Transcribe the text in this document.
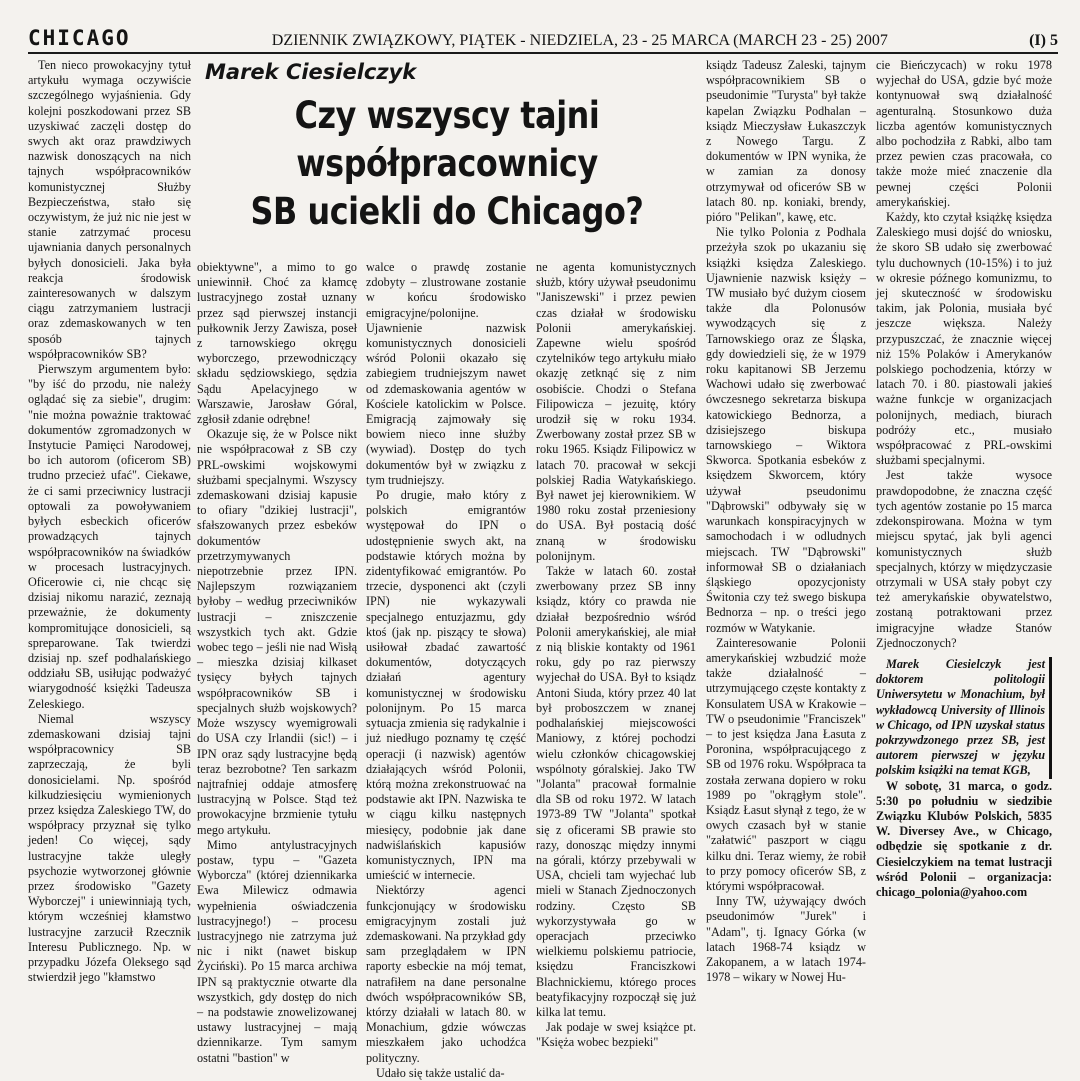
CHICAGO	DZIENNIK ZWIĄZKOWY, PIĄTEK - NIEDZIELA, 23 - 25 MARCA (MARCH 23 - 25) 2007	(I) 5

Ten nieco prowokacyjny tytuł artykułu wymaga oczywiście szczególnego wyjaśnienia. Gdy kolejni poszkodowani przez SB uzyskiwać zaczęli dostęp do swych akt oraz prawdziwych nazwisk donoszących na nich tajnych współpracowników komunistycznej Służby Bezpieczeństwa, stało się oczywistym, że już nic nie jest w stanie zatrzymać procesu ujawniania danych personalnych byłych donosicieli. Jaka była reakcja środowisk zainteresowanych w dalszym ciągu zatrzymaniem lustracji oraz zdemaskowanych w ten sposób tajnych współpracowników SB?

Pierwszym argumentem było: "by iść do przodu, nie należy oglądać się za siebie", drugim: "nie można poważnie traktować dokumentów zgromadzonych w Instytucie Pamięci Narodowej, bo ich autorom (oficerom SB) trudno przecież ufać". Ciekawe, że ci sami przeciwnicy lustracji optowali za powoływaniem byłych esbeckich oficerów prowadzących tajnych współpracowników na świadków w procesach lustracyjnych. Oficerowie ci, nie chcąc się dzisiaj nikomu narazić, zeznają przeważnie, że dokumenty kompromitujące donosicieli, są spreparowane. Tak twierdzi dzisiaj np. szef podhalańskiego oddziału SB, usiłując podważyć wiarygodność księżki Tadeusza Zeleskiego.

Niemal wszyscy zdemaskowani dzisiaj tajni współpracownicy SB zaprzeczają, że byli donosicielami. Np. spośród kilkudziesięciu wymienionych przez księdza Zaleskiego TW, do współpracy przyznał się tylko jeden! Co więcej, sądy lustracyjne także uległy psychozie wytworzonej głównie przez środowisko "Gazety Wyborczej" i uniewinniają tych, którym wcześniej kłamstwo lustracyjne zarzucił Rzecznik Interesu Publicznego. Np. w przypadku Józefa Oleksego sąd stwierdził jego "kłamstwo

Marek Ciesielczyk
Czy wszyscy tajni współpracownicy
SB uciekli do Chicago?

obiektywne", a mimo to go uniewinnił. Choć za kłamcę lustracyjnego został uznany przez sąd pierwszej instancji pułkownik Jerzy Zawisza, poseł z tarnowskiego okręgu wyborczego, przewodniczący składu sędziowskiego, sędzia Sądu Apelacyjnego w Warszawie, Jarosław Góral, zgłosił zdanie odrębne!

Okazuje się, że w Polsce nikt nie współpracował z SB czy PRL-owskimi wojskowymi służbami specjalnymi. Wszyscy zdemaskowani dzisiaj kapusie to ofiary "dzikiej lustracji", sfałszowanych przez esbeków dokumentów przetrzymywanych niepotrzebnie przez IPN. Najlepszym rozwiązaniem byłoby – według przeciwników lustracji – zniszczenie wszystkich tych akt. Gdzie wobec tego – jeśli nie nad Wisłą – mieszka dzisiaj kilkaset tysięcy byłych tajnych współpracowników SB i specjalnych służb wojskowych? Może wszyscy wyemigrowali do USA czy Irlandii (sic!) – i IPN oraz sądy lustracyjne będą teraz bezrobotne? Ten sarkazm najtrafniej oddaje atmosferę lustracyjną w Polsce. Stąd też prowokacyjne brzmienie tytułu mego artykułu.

Mimo antylustracyjnych postaw, typu – "Gazeta Wyborcza" (której dziennikarka Ewa Milewicz odmawia wypełnienia oświadczenia lustracyjnego!) – procesu lustracyjnego nie zatrzyma już nic i nikt (nawet biskup Życiński). Po 15 marca archiwa IPN są praktycznie otwarte dla wszystkich, gdy dostęp do nich – na podstawie znowelizowanej ustawy lustracyjnej – mają dziennikarze. Tym samym ostatni "bastion" w

walce o prawdę zostanie zdobyty – zlustrowane zostanie w końcu środowisko emigracyjne/polonijne. Ujawnienie nazwisk komunistycznych donosicieli wśród Polonii okazało się zabiegiem trudniejszym nawet od zdemaskowania agentów w Kościele katolickim w Polsce. Emigracją zajmowały się bowiem nieco inne służby (wywiad). Dostęp do tych dokumentów był w związku z tym trudniejszy.

Po drugie, mało który z polskich emigrantów występował do IPN o udostępnienie swych akt, na podstawie których można by zidentyfikować emigrantów. Po trzecie, dysponenci akt (czyli IPN) nie wykazywali specjalnego entuzjazmu, gdy ktoś (jak np. piszący te słowa) usiłował zbadać zawartość dokumentów, dotyczących działań agentury komunistycznej w środowisku polonijnym. Po 15 marca sytuacja zmienia się radykalnie i już niedługo poznamy tę część operacji (i nazwisk) agentów działających wśród Polonii, którą można zrekonstruować na podstawie akt IPN. Nazwiska te w ciągu kilku następnych miesięcy, podobnie jak dane nadwiślańskich kapusiów komunistycznych, IPN ma umieścić w internecie.

Niektórzy agenci funkcjonujący w środowisku emigracyjnym zostali już zdemaskowani. Na przykład gdy sam przeglądałem w IPN raporty esbeckie na mój temat, natrafiłem na dane personalne dwóch współpracowników SB, którzy działali w latach 80. w Monachium, gdzie wówczas mieszkałem jako uchodźca polityczny.

Udało się także ustalić da-

ne agenta komunistycznych służb, który używał pseudonimu "Janiszewski" i przez pewien czas działał w środowisku Polonii amerykańskiej. Zapewne wielu spośród czytelników tego artykułu miało okazję zetknąć się z nim osobiście. Chodzi o Stefana Filipowicza – jezuitę, który urodził się w roku 1934. Zwerbowany został przez SB w roku 1965. Ksiądz Filipowicz w latach 70. pracował w sekcji polskiej Radia Watykańskiego. Był nawet jej kierownikiem. W 1980 roku został przeniesiony do USA. Był postacią dość znaną w środowisku polonijnym.

Także w latach 60. został zwerbowany przez SB inny ksiądz, który co prawda nie działał bezpośrednio wśród Polonii amerykańskiej, ale miał z nią bliskie kontakty od 1961 roku, gdy po raz pierwszy wyjechał do USA. Był to ksiądz Antoni Siuda, który przez 40 lat był proboszczem w znanej podhalańskiej miejscowości Maniowy, z której pochodzi wielu członków chicagowskiej wspólnoty góralskiej. Jako TW "Jolanta" pracował formalnie dla SB od roku 1972. W latach 1973-89 TW "Jolanta" spotkał się z oficerami SB prawie sto razy, donosząc między innymi na górali, którzy przebywali w USA, chcieli tam wyjechać lub mieli w Stanach Zjednoczonych rodziny. Często SB wykorzystywała go w operacjach przeciwko wielkiemu polskiemu patriocie, księdzu Franciszkowi Blachnickiemu, którego proces beatyfikacyjny rozpoczął się już kilka lat temu.

Jak podaje w swej książce pt. "Księża wobec bezpieki"

ksiądz Tadeusz Zaleski, tajnym współpracownikiem SB o pseudonimie "Turysta" był także kapelan Związku Podhalan – ksiądz Mieczysław Łukaszczyk z Nowego Targu. Z dokumentów w IPN wynika, że w zamian za donosy otrzymywał od oficerów SB w latach 80. np. koniaki, brendy, pióro "Pelikan", kawę, etc.

Nie tylko Polonia z Podhala przeżyła szok po ukazaniu się książki księdza Zaleskiego. Ujawnienie nazwisk księży – TW musiało być dużym ciosem także dla Polonusów wywodzących się z Tarnowskiego oraz ze Śląska, gdy dowiedzieli się, że w 1979 roku kapitanowi SB Jerzemu Wachowi udało się zwerbować ówczesnego sekretarza biskupa katowickiego Bednorza, a dzisiejszego biskupa tarnowskiego – Wiktora Skworca. Spotkania esbeków z księdzem Skworcem, który używał pseudonimu "Dąbrowski" odbywały się w warunkach konspiracyjnych w samochodach i w odludnych miejscach. TW "Dąbrowski" informował SB o działaniach śląskiego opozycjonisty Świtonia czy też swego biskupa Bednorza – np. o treści jego rozmów w Watykanie.

Zainteresowanie Polonii amerykańskiej wzbudzić może także działalność – utrzymującego częste kontakty z Konsulatem USA w Krakowie – TW o pseudonimie "Franciszek" – to jest księdza Jana Łasuta z Poronina, współpracującego z SB od 1976 roku. Współpraca ta została zerwana dopiero w roku 1989 po "okrągłym stole". Ksiądz Łasut słynął z tego, że w owych czasach był w stanie "załatwić" paszport w ciągu kilku dni. Teraz wiemy, że robił to przy pomocy oficerów SB, z którymi współpracował.

Inny TW, używający dwóch pseudonimów "Jurek" i "Adam", tj. Ignacy Górka (w latach 1968-74 ksiądz w Zakopanem, a w latach 1974-1978 – wikary w Nowej Hu-

cie Bieńczycach) w roku 1978 wyjechał do USA, gdzie być może kontynuował swą działalność agenturalną. Stosunkowo duża liczba agentów komunistycznych albo pochodziła z Rabki, albo tam przez pewien czas pracowała, co także może mieć znaczenie dla pewnej części Polonii amerykańskiej.

Każdy, kto czytał książkę księdza Zaleskiego musi dojść do wniosku, że skoro SB udało się zwerbować tylu duchownych (10-15%) i to już w okresie późnego komunizmu, to jej skuteczność w środowisku takim, jak Polonia, musiała być jeszcze większa. Należy przypuszczać, że znacznie więcej niż 15% Polaków i Amerykanów polskiego pochodzenia, którzy w latach 70. i 80. piastowali jakieś ważne funkcje w organizacjach polonijnych, mediach, biurach podróży etc., musiało współpracować z PRL-owskimi służbami specjalnymi.

Jest także wysoce prawdopodobne, że znaczna część tych agentów zostanie po 15 marca zdekonspirowana. Można w tym miejscu spytać, jak byli agenci komunistycznych służb specjalnych, którzy w międzyczasie otrzymali w USA stały pobyt czy też amerykańskie obywatelstwo, zostaną potraktowani przez imigracyjne władze Stanów Zjednoczonych?

Marek Ciesielczyk jest doktorem politologii Uniwersytetu w Monachium, był wykładowcą University of Illinois w Chicago, od IPN uzyskał status pokrzywdzonego przez SB, jest autorem pierwszej w języku polskim książki na temat KGB,

W sobotę, 31 marca, o godz. 5:30 po południu w siedzibie Związku Klubów Polskich, 5835 W. Diversey Ave., w Chicago, odbędzie się spotkanie z dr. Ciesielczykiem na temat lustracji wśród Polonii – organizacja: chicago_polonia@yahoo.com
